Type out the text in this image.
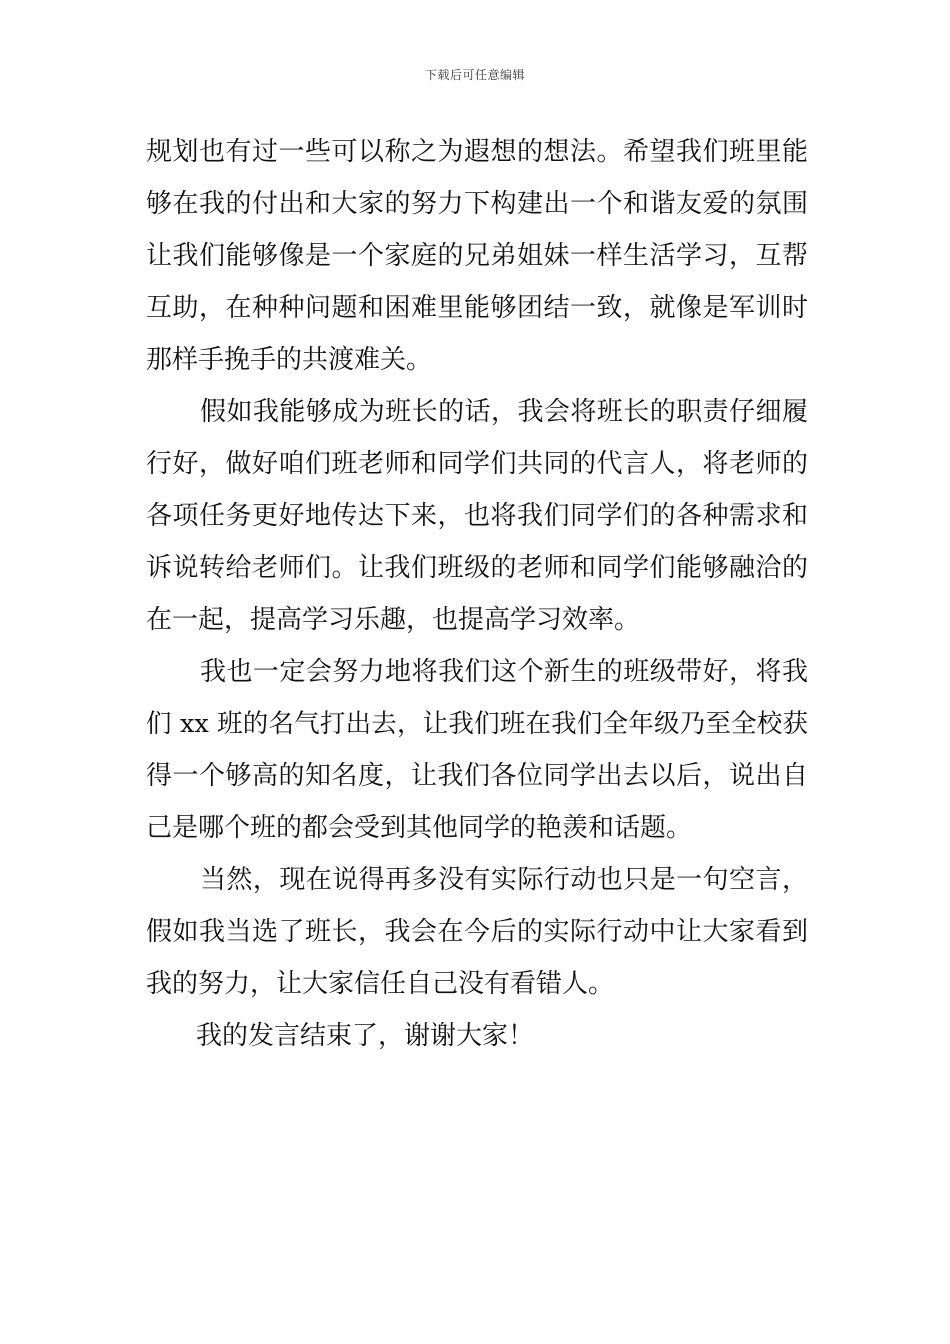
下载后可任意编辑
规划也有过一些可以称之为遐想的想法。希望我们班里能
够在我的付出和大家的努力下构建出一个和谐友爱的氛围
让我们能够像是一个家庭的兄弟姐妹一样生活学习，互帮
互助，在种种问题和困难里能够团结一致，就像是军训时
那样手挽手的共渡难关。
假如我能够成为班长的话，我会将班长的职责仔细履
行好，做好咱们班老师和同学们共同的代言人，将老师的
各项任务更好地传达下来，也将我们同学们的各种需求和
诉说转给老师们。让我们班级的老师和同学们能够融洽的
在一起，提高学习乐趣，也提高学习效率。
我也一定会努力地将我们这个新生的班级带好，将我
们 xx 班的名气打出去，让我们班在我们全年级乃至全校获
得一个够高的知名度，让我们各位同学出去以后，说出自
己是哪个班的都会受到其他同学的艳羡和话题。
当然，现在说得再多没有实际行动也只是一句空言，
假如我当选了班长，我会在今后的实际行动中让大家看到
我的努力，让大家信任自己没有看错人。
我的发言结束了，谢谢大家！
